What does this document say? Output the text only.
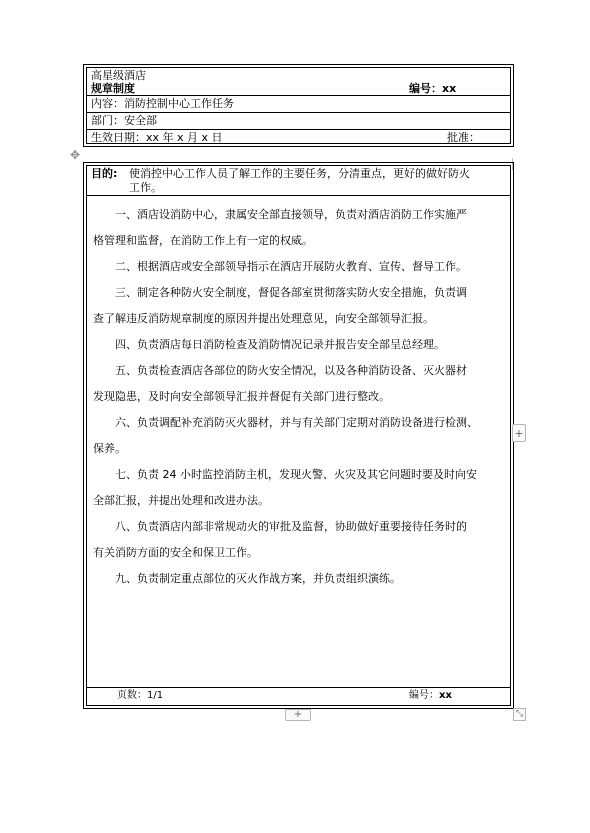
高星级酒店
规章制度	编号：xx
内容：消防控制中心工作任务
部门：安全部
生效日期：xx 年 x 月 x 日	批准：
✥
目的: 使消控中心工作人员了解工作的主要任务，分清重点，更好的做好防火
工作。
　　一、酒店设消防中心，隶属安全部直接领导，负责对酒店消防工作实施严
格管理和监督，在消防工作上有一定的权威。
　　二、根据酒店或安全部领导指示在酒店开展防火教育、宣传、督导工作。
　　三、制定各种防火安全制度，督促各部室贯彻落实防火安全措施，负责调
查了解违反消防规章制度的原因并提出处理意见，向安全部领导汇报。
　　四、负责酒店每日消防检查及消防情况记录并报告安全部呈总经理。
　　五、负责检查酒店各部位的防火安全情况，以及各种消防设备、灭火器材
发现隐患，及时向安全部领导汇报并督促有关部门进行整改。
　　六、负责调配补充消防灭火器材，并与有关部门定期对消防设备进行检测、
保养。
　　七、负责 24 小时监控消防主机，发现火警、火灾及其它问题时要及时向安
全部汇报，并提出处理和改进办法。
　　八、负责酒店内部非常规动火的审批及监督，协助做好重要接待任务时的
有关消防方面的安全和保卫工作。
　　九、负责制定重点部位的灭火作战方案，并负责组织演练。
页数：1/1	编号：xx
+
+	⤡
